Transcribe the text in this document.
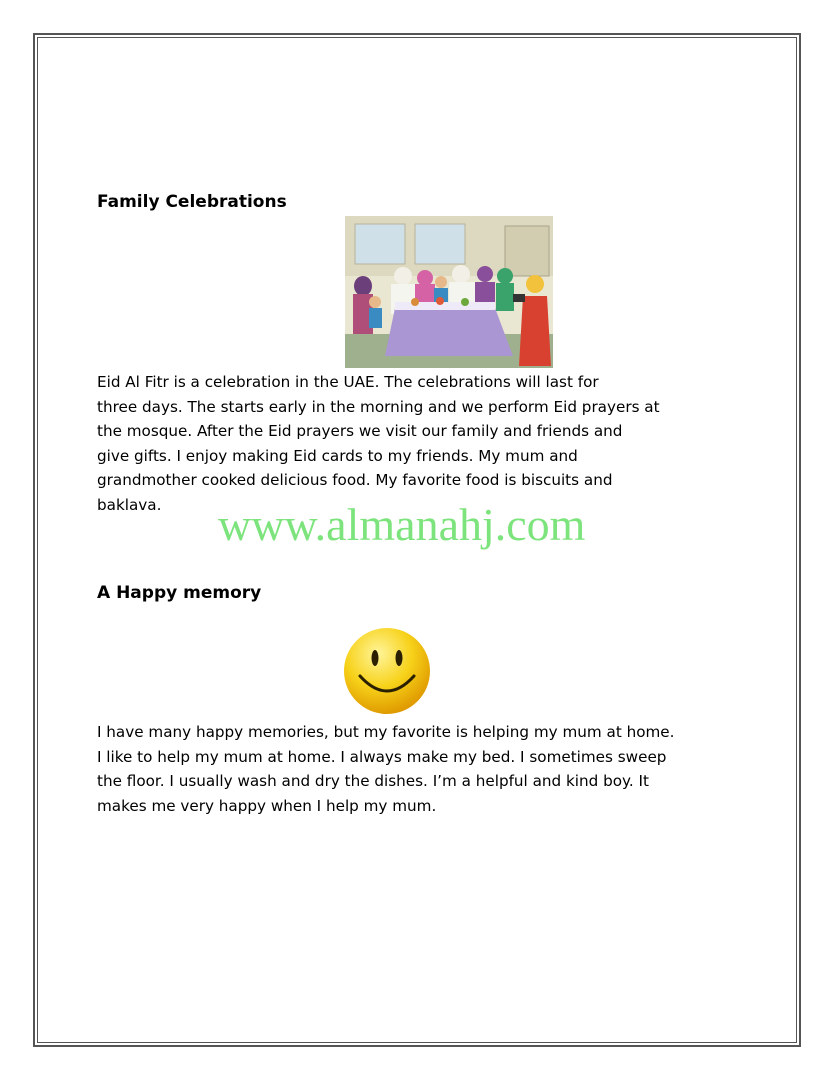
Family Celebrations

Eid Al Fitr is a celebration in the UAE. The celebrations will last for

three days. The starts early in the morning and we perform Eid prayers at

the mosque. After the Eid prayers we visit our family and friends and

give gifts. I enjoy making Eid cards to my friends. My mum and

grandmother cooked delicious food. My favorite food is biscuits and

baklava.	www.almanahj.com

A Happy memory

I have many happy memories, but my favorite is helping my mum at home.

I like to help my mum at home. I always make my bed. I sometimes sweep

the floor. I usually wash and dry the dishes. I’m a helpful and kind boy. It

makes me very happy when I help my mum.
